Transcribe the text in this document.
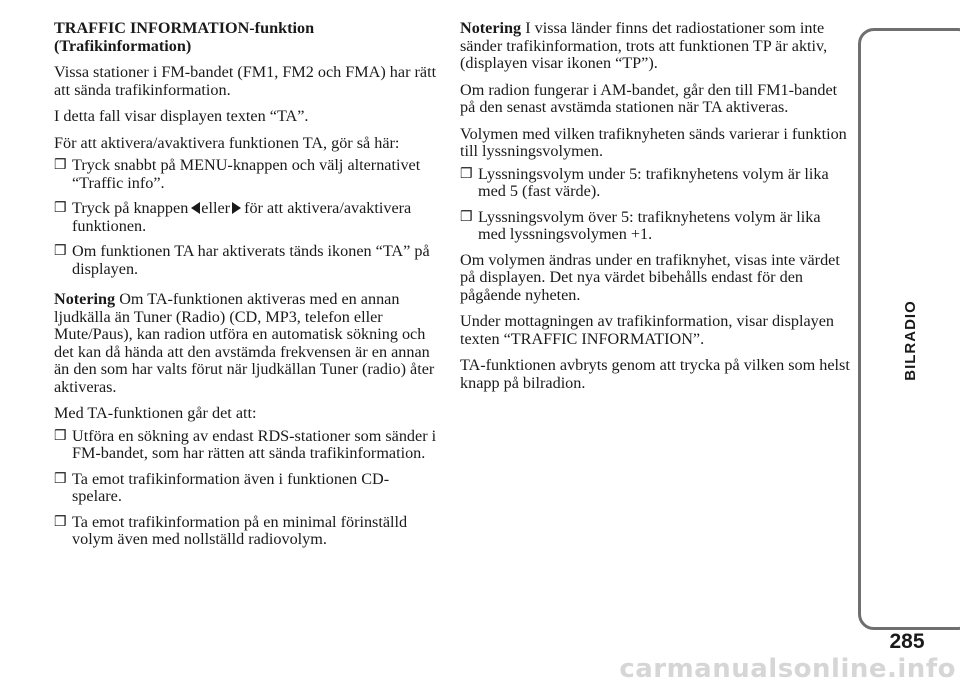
TRAFFIC INFORMATION-funktion (Trafikinformation)

Vissa stationer i FM-bandet (FM1, FM2 och FMA) har rätt att sända trafikinformation.

I detta fall visar displayen texten “TA”.

För att aktivera/avaktivera funktionen TA, gör så här:

❒ Tryck snabbt på MENU-knappen och välj alternativet “Traffic info”.
❒ Tryck på knappen eller för att aktivera/avaktivera funktionen.
❒ Om funktionen TA har aktiverats tänds ikonen “TA” på displayen.

Notering Om TA-funktionen aktiveras med en annan ljudkälla än Tuner (Radio) (CD, MP3, telefon eller Mute/Paus), kan radion utföra en automatisk sökning och det kan då hända att den avstämda frekvensen är en annan än den som har valts förut när ljudkällan Tuner (radio) åter aktiveras.

Med TA-funktionen går det att:

❒ Utföra en sökning av endast RDS-stationer som sänder i FM-bandet, som har rätten att sända trafikinformation.
❒ Ta emot trafikinformation även i funktionen CD-spelare.
❒ Ta emot trafikinformation på en minimal förinställd volym även med nollställd radiovolym.

Notering I vissa länder finns det radiostationer som inte sänder trafikinformation, trots att funktionen TP är aktiv, (displayen visar ikonen “TP”).

Om radion fungerar i AM-bandet, går den till FM1-bandet på den senast avstämda stationen när TA aktiveras.

Volymen med vilken trafiknyheten sänds varierar i funktion till lyssningsvolymen.

❒ Lyssningsvolym under 5: trafiknyhetens volym är lika med 5 (fast värde).
❒ Lyssningsvolym över 5: trafiknyhetens volym är lika med lyssningsvolymen +1.

Om volymen ändras under en trafiknyhet, visas inte värdet på displayen. Det nya värdet bibehålls endast för den pågående nyheten.

Under mottagningen av trafikinformation, visar displayen texten “TRAFFIC INFORMATION”.

TA-funktionen avbryts genom att trycka på vilken som helst knapp på bilradion.

BILRADIO
285
carmanualsonline.info
